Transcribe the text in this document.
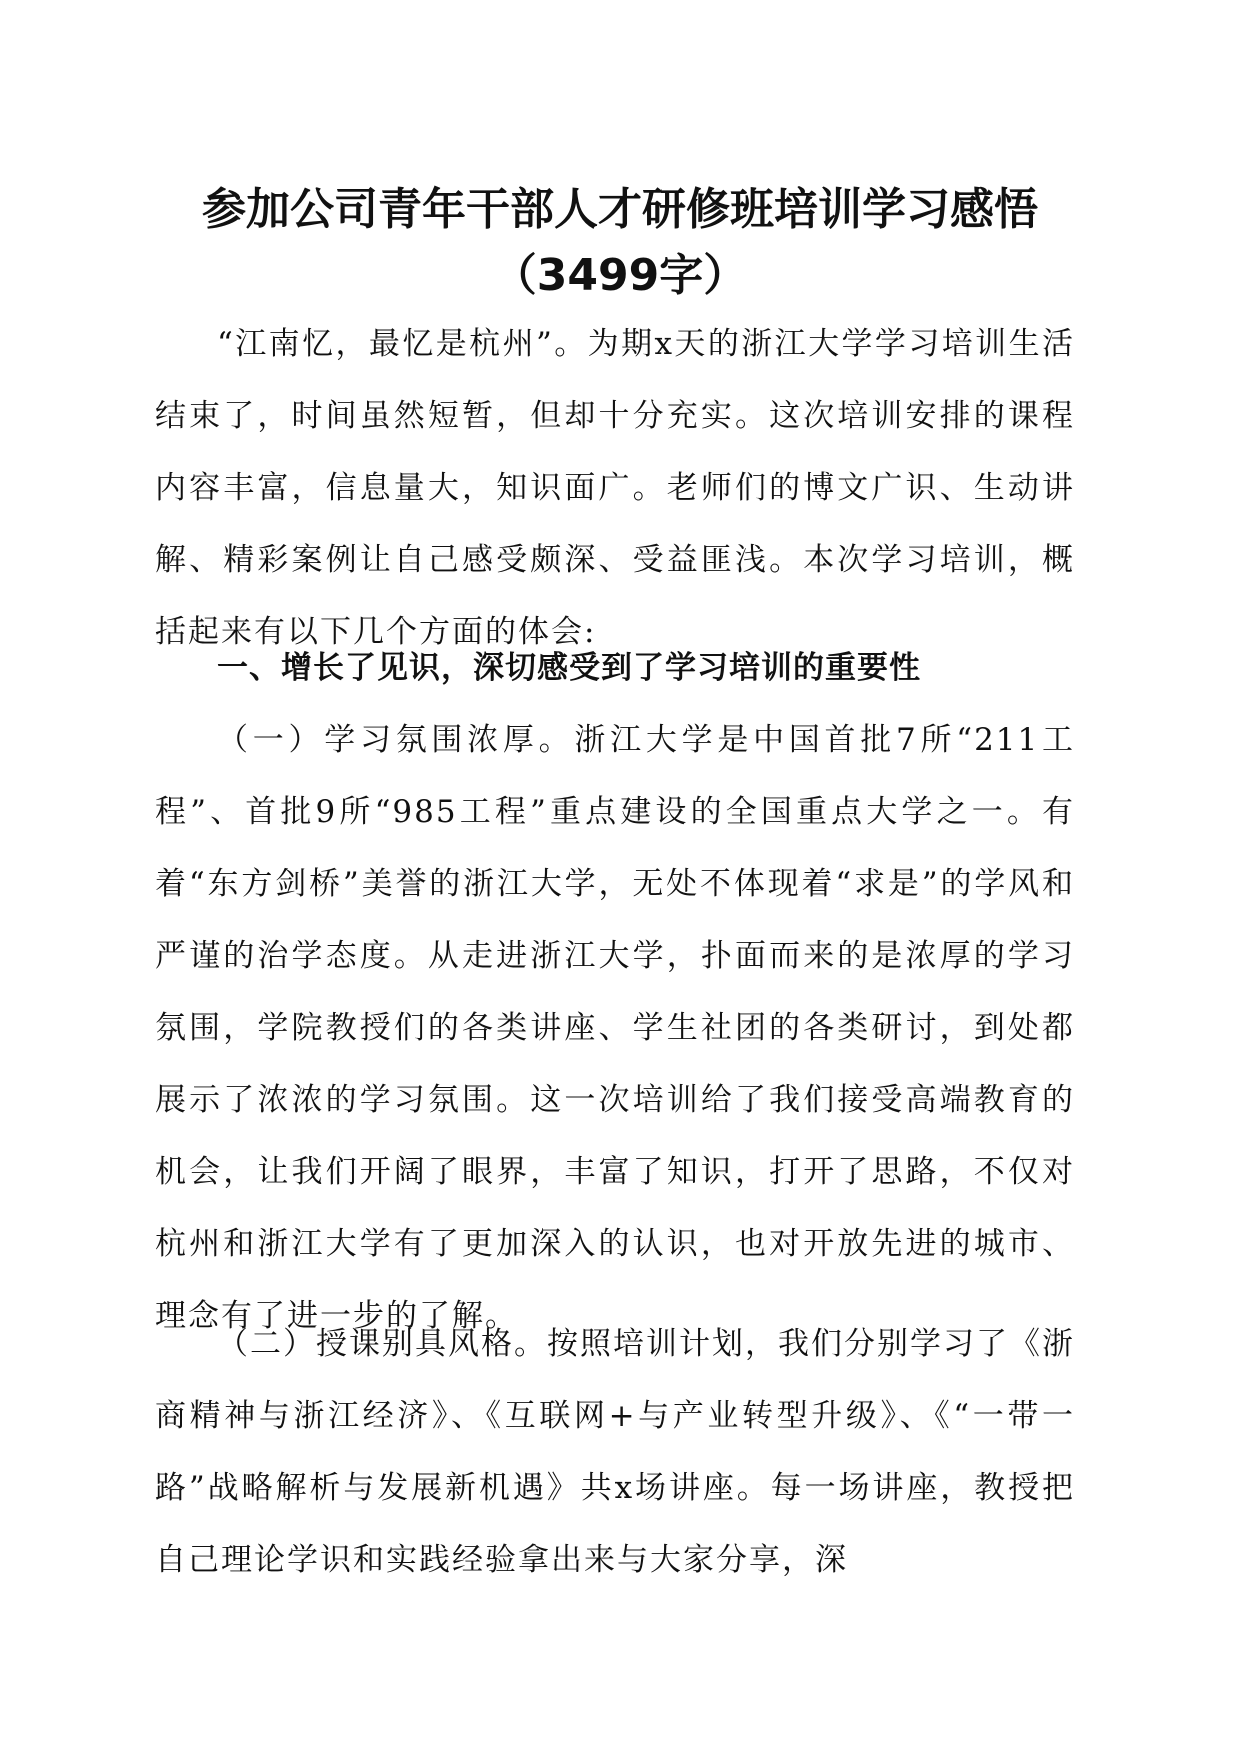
参加公司青年干部人才研修班培训学习感悟
（3499字）

“江南忆，最忆是杭州”。为期x天的浙江大学学习培训生活结束了，时间虽然短暂，但却十分充实。这次培训安排的课程内容丰富，信息量大，知识面广。老师们的博文广识、生动讲解、精彩案例让自己感受颇深、受益匪浅。本次学习培训，概括起来有以下几个方面的体会:

一、增长了见识，深切感受到了学习培训的重要性

（一）学习氛围浓厚。浙江大学是中国首批7所“211工程”、首批9所“985工程”重点建设的全国重点大学之一。有着“东方剑桥”美誉的浙江大学，无处不体现着“求是”的学风和严谨的治学态度。从走进浙江大学，扑面而来的是浓厚的学习氛围，学院教授们的各类讲座、学生社团的各类研讨，到处都展示了浓浓的学习氛围。这一次培训给了我们接受高端教育的机会，让我们开阔了眼界，丰富了知识，打开了思路，不仅对杭州和浙江大学有了更加深入的认识，也对开放先进的城市、理念有了进一步的了解。

（二）授课别具风格。按照培训计划，我们分别学习了《浙商精神与浙江经济》、《互联网+与产业转型升级》、《“一带一路”战略解析与发展新机遇》共x场讲座。每一场讲座，教授把自己理论学识和实践经验拿出来与大家分享，深
